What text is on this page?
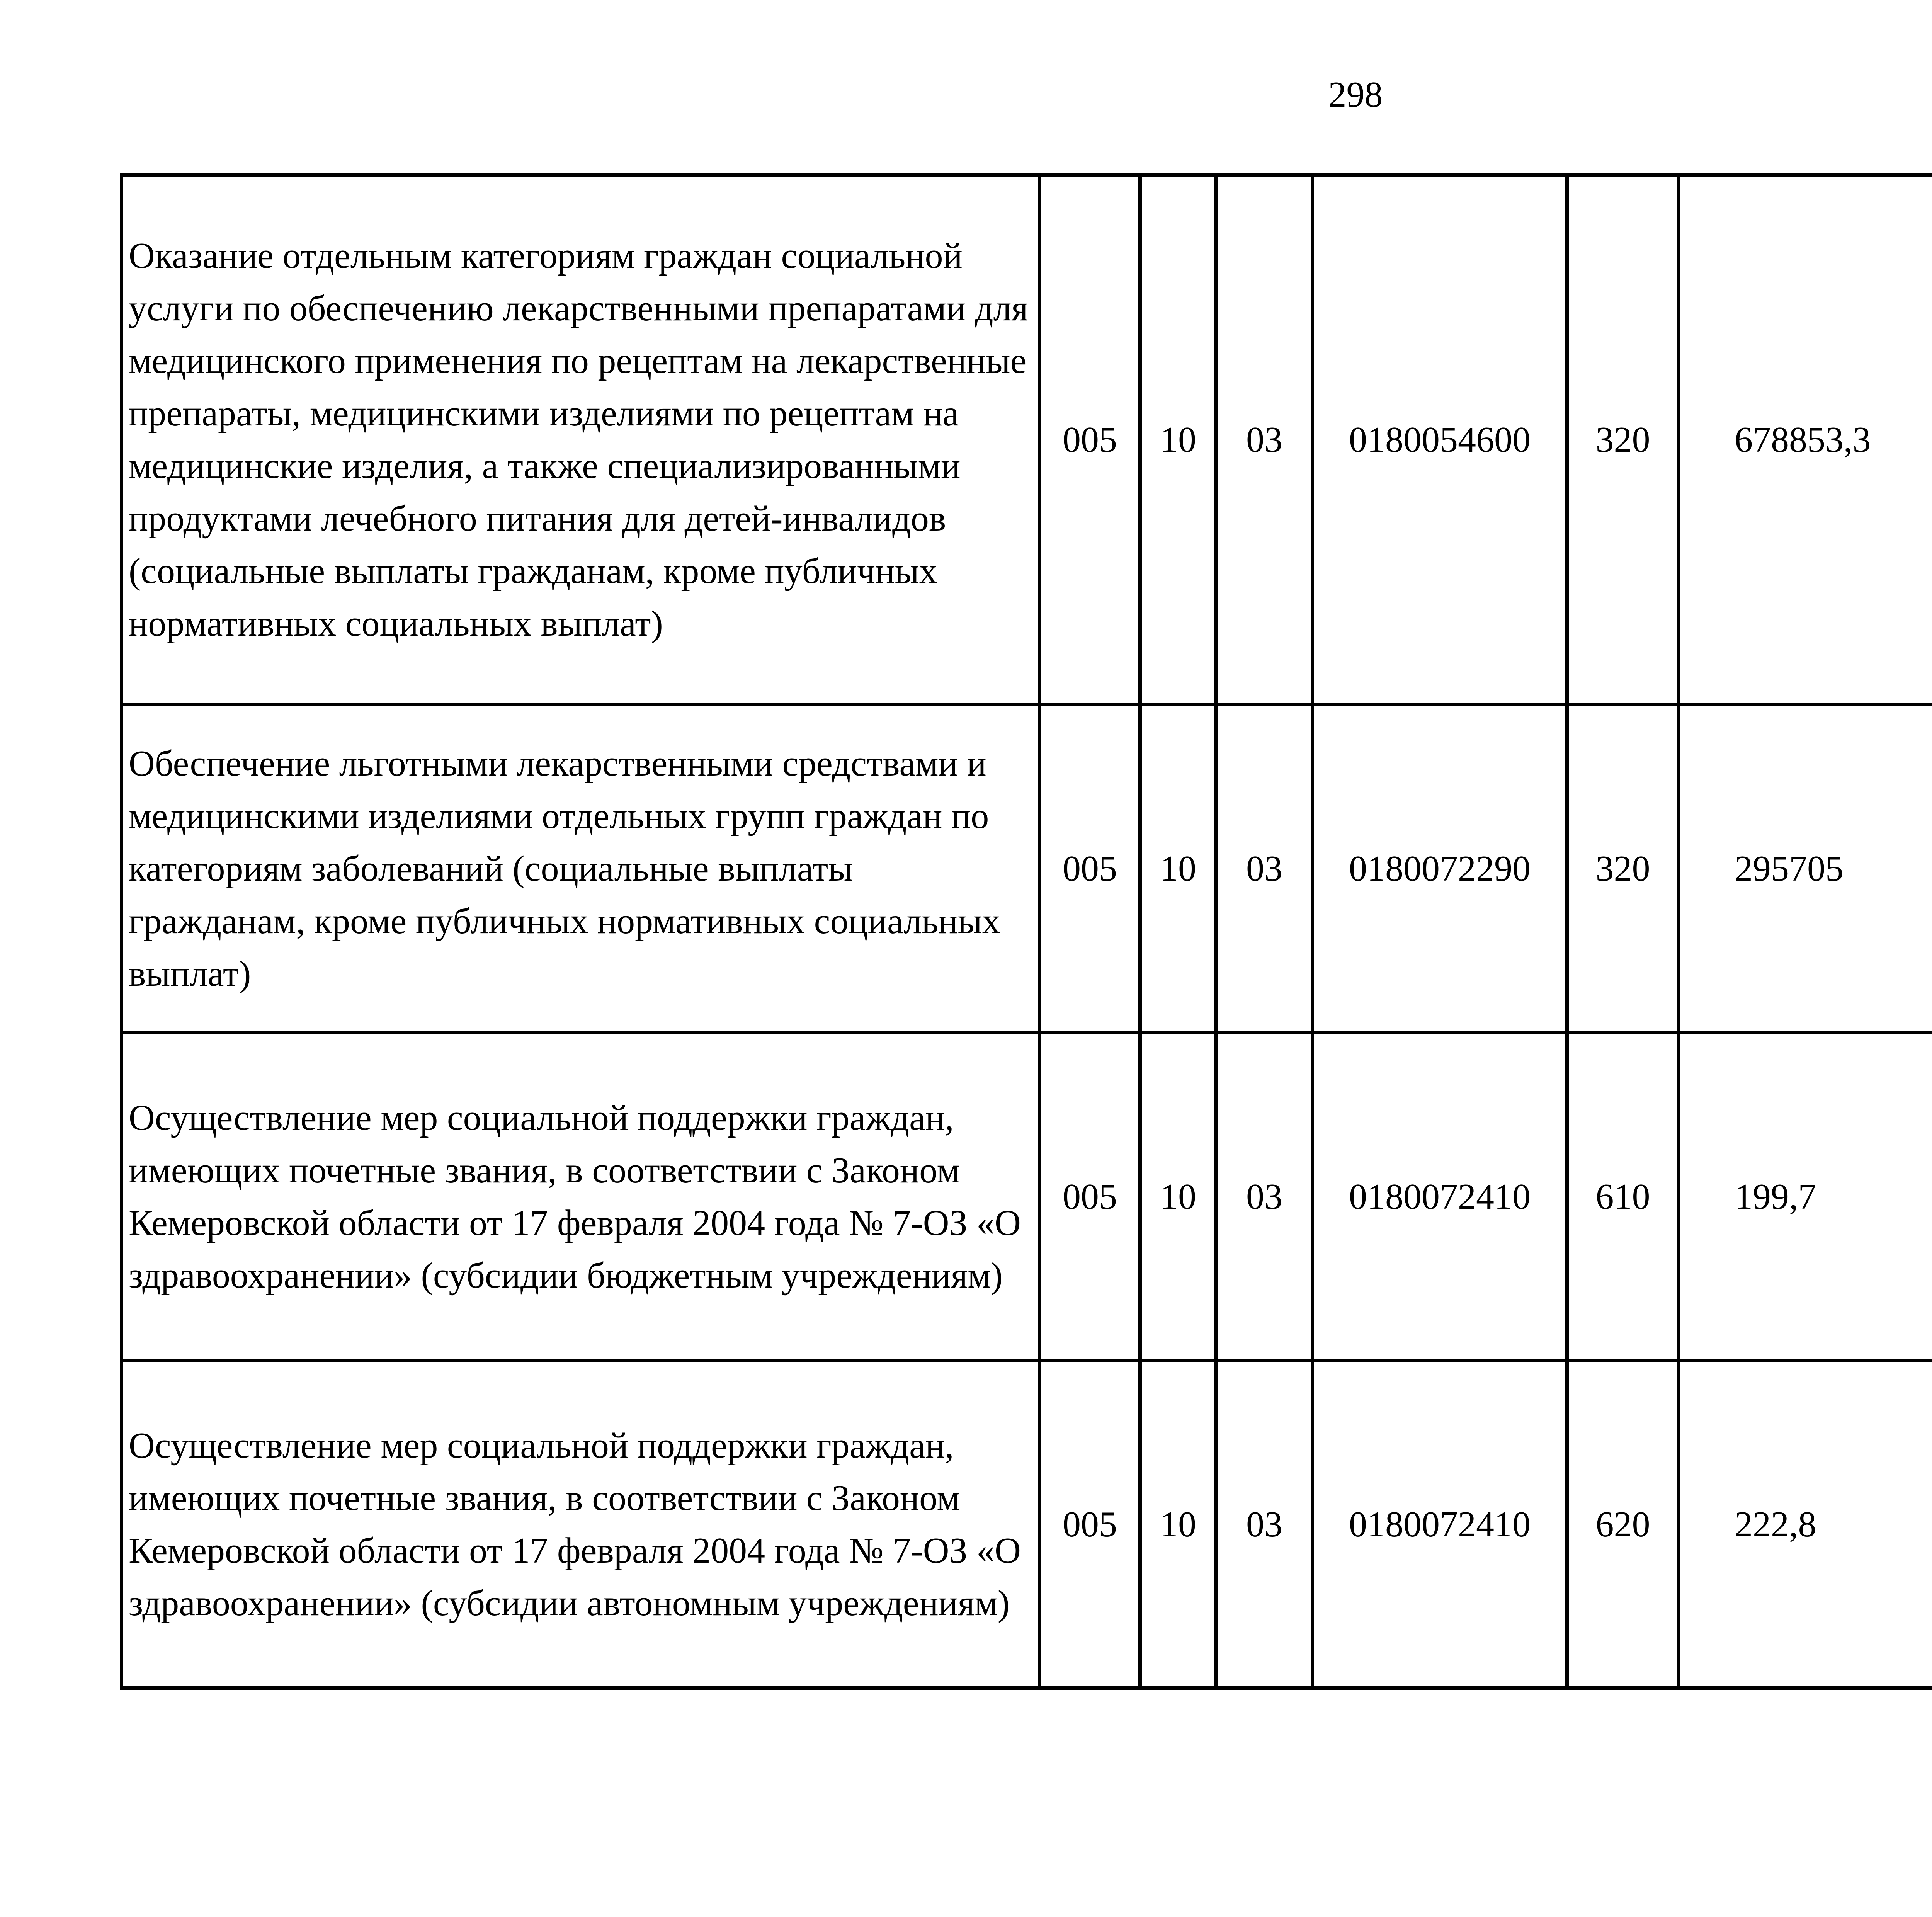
298
Оказание отдельным категориям граждан социальной услуги по обеспечению лекарственными препаратами для медицинского применения по рецептам на лекарственные препараты, медицинскими изделиями по рецептам на медицинские изделия, а также специализированными продуктами лечебного питания для детей-инвалидов (социальные выплаты гражданам, кроме публичных нормативных социальных выплат)	005	10	03	0180054600	320	678853,3		
Обеспечение льготными лекарственными средствами и медицинскими изделиями отдельных групп граждан по категориям заболеваний (социальные выплаты гражданам, кроме публичных нормативных социальных выплат)	005	10	03	0180072290	320	295705		
Осуществление мер социальной поддержки граждан, имеющих почетные звания, в соответствии с Законом Кемеровской области от 17 февраля 2004 года № 7-ОЗ «О здравоохранении» (субсидии бюджетным учреждениям)	005	10	03	0180072410	610	199,7		
Осуществление мер социальной поддержки граждан, имеющих почетные звания, в соответствии с Законом Кемеровской области от 17 февраля 2004 года № 7-ОЗ «О здравоохранении» (субсидии автономным учреждениям)	005	10	03	0180072410	620	222,8		
